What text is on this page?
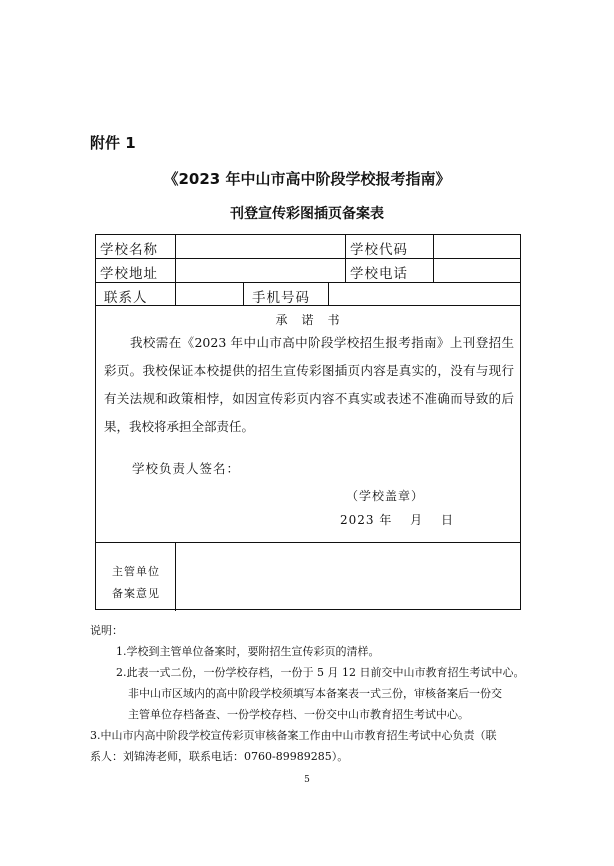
附件 1
《2023 年中山市高中阶段学校报考指南》
刊登宣传彩图插页备案表
学校名称	学校代码
学校地址	学校电话
联系人	手机号码
承　诺　书
我校需在《2023 年中山市高中阶段学校招生报考指南》上刊登招生彩页。我校保证本校提供的招生宣传彩图插页内容是真实的，没有与现行有关法规和政策相悖，如因宣传彩页内容不真实或表述不准确而导致的后果，我校将承担全部责任。
学校负责人签名：
（学校盖章）
2023 年　 月　 日
主管单位
备案意见
说明：
1.学校到主管单位备案时，要附招生宣传彩页的清样。
2.此表一式二份，一份学校存档，一份于 5 月 12 日前交中山市教育招生考试中心。
非中山市区域内的高中阶段学校须填写本备案表一式三份，审核备案后一份交
主管单位存档备查、一份学校存档、一份交中山市教育招生考试中心。
3.中山市内高中阶段学校宣传彩页审核备案工作由中山市教育招生考试中心负责（联
系人：刘锦涛老师，联系电话：0760-89989285）。
5
